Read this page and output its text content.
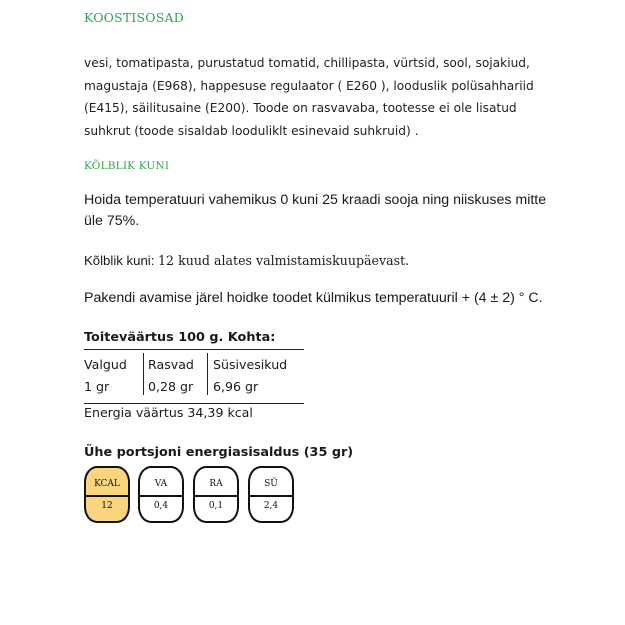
KOOSTISOSAD
vesi, tomatipasta, purustatud tomatid, chillipasta, vürtsid, sool, sojakiud,
magustaja (E968), happesuse regulaator ( E260 ), looduslik polüsahhariid
(E415), säilitusaine (E200). Toode on rasvavaba, tootesse ei ole lisatud
suhkrut (toode sisaldab looduliklt esinevaid suhkruid) .
KÕLBLIK KUNI
Hoida temperatuuri vahemikus 0 kuni 25 kraadi sooja ning niiskuses mitte
üle 75%.
Kõlblik kuni: 12 kuud alates valmistamiskuupäevast.
Pakendi avamise järel hoidke toodet külmikus temperatuuril + (4 ± 2) ° C.
Toiteväärtus 100 g. Kohta:
Valgud Rasvad Süsivesikud
1 gr	0,28 gr 6,96 gr
Energia väärtus 34,39 kcal
Ühe portsjoni energiasisaldus (35 gr)
KCAL
12
VA
0,4
RA
0,1
SÜ
2,4
